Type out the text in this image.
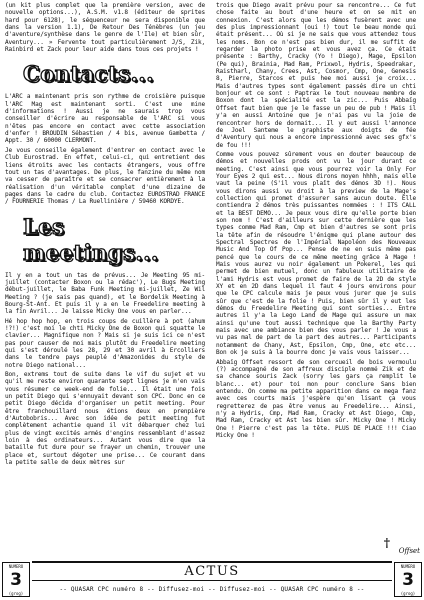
(un kit plus complet que la première version, avec de nouvelle options...), A.S.M. v1.8 (éditeur de sprites hard pour 6128), le séquenceur ne sera disponible que dans la version 1.1), De Retour Des Ténèbres (un jeu d'aventure/synthèse dans le genre de l'Ile) et bien sûr, Aventury... » Fervente tout particulièrement J/S, Zik, Rainbird et Zack pour leur aide dans tous ces projets !

Contacts...

L'ARC a maintenant pris son rythme de croisière puisque l'ARC Mag est maintenant sorti. C'est une mine d'informations ! Aussi je ne saurais trop vous conseiller d'écrire au responsable de l'ARC si vous n'êtes pas encore en contact avec cette association d'enfer ! BROUDIN Sébastien / 4 bis, avenue Gambetta / Appt. 30 / 60000 CLERMONT.

Je vous conseille également d'entrer en contact avec le Club Eurostrad. En effet, celui-ci, qui entretient des liens étroits avec les contacts étrangers, vous offre tout un tas d'avantages. De plus, le fanzine du même nom va cesser de paraître et se consacrer entièrement à la réalisation d'un véritable complet d'une dizaine de pages dans le cadre du club. Contactez EUROSTRAD FRANCE / FOURNERIE Thomas / La Ruellinière / 59460 KORDYE.

Les meetings...

Il y en a tout un tas de prévus... Je Meeting 95 mi-juillet (contacter Boxon ou la rédac'), Le Bugs Meeting début-juillet, le Baba Funk Meeting mi-juillet, Ze Wil Meeting ? (je sais pas quand), et le Bordelik Meeting à Bourg-St-Ant. Et puis il y a en le Freedelire meeting à la fin Avril... Je laisse Micky One vous en parler...

Hé hop hop hop, en trois coups de cuillère à pot (ahum !?!) c'est moi le chti Micky One de Boxon qui squatte le clavier... Magnifique non ? Mais si je suis ici ce n'est pas pour causer de moi mais plutôt du Freedelire meeting qui s'est déroulé les 28, 29 et 30 avril à Ercolliers dans le tendre pays peuplé d'Amazonides du style de notre Diego national...

Bon, extrems tout de suite dans le vif du sujet et vu qu'il me reste environ quarante sept lignes je m'en vais vous résumer ce week-end de folie... Il était une fois un petit Diego qui s'ennuyait devant son CPC. Donc en ce petit Diego décida d'organiser un petit meeting. Pour être franchouillard nous étions deux en prenpière d'Autobobris... Avec son idée de petit meeting fut complètement achantie quand il vit débarquer chez lui plus de vingt excités armés d'engins ressemblant d'assez loin à des ordinateurs... Autant vous dire que la bataille fut dure pour se frayer un chemin, trouver une place et, surtout dégoter une prise... Ce courant dans la petite salle de deux mètres sur

trois que Diego avait prévu pour sa rencontre... Ce fut chose faite au bout d'une heure et on se mit en connexion. C'est alors que les démos fusèrent avec une des plus impressionnant (oui !) tout le beau monde qui était présent... Où si je ne sais que vous attendez tous les noms. Bon ce n'est pas bien dur, il me suffit de regarder la photo prise et vous avez ça. Ce était présente : Barthy, Cracky (Yo ! Diego), Mage, Epsilon (Pe qui), Brainia, Mad Ram, Prixwol, Hydris, Speedrakar, Raistharl, Chany, Crees, Ast, Cosmor, Cmp, One, Genesis 8, Pierre, Starcos et puis hee moi aussi je croix... Mais d'autres types sont également passés dire un chti bonjour et ce sont : Paptrax le tout nouveau membre de Boxon dont la spécialité est la zic... Puis Abbaïg Offset faut bien que je le fasse un peu de pub ! Mais il y'a en aussi Antoine que je n'ai pas vu la joie de rencontrer hors de dormait... Il y eut aussi l'annonce de Joel Santeme le graphiste aux doigts de fée d'Aventury qui nous a encore impressionné avec ses gfx's de fou !!!

Comme vous pouvez sûrement vous en douter beaucoup de démos et nouvelles prods ont vu le jour durant ce meeting. C'est ainsi que vous pourrez voir la Only For Your Eyes 2 qui est... Nous dirons moyen hhhh, mais elle vaut la peine (S'il vous plaît des démos 3D !). Nous vous dirons aussi vu droit à la preview de la Mage's collection qui promet d'assurer sans aucun doute. Elle contiendra 2 démos très puissantes nommées : ! ITS CALL et la BEST DEMO... Je peux vous dire qu'elle porte bien son nom ! C'est d'ailleurs sur cette dernière que les types comme Mad Ram, Cmp et bien d'autres se sont pris la tête afin de résoudre l'énigme qui plane autour des Spectral Spectres de l'Impérial Napoléon des Nouveaux Music And Top Of Pop... Pense de ne en suis même pas pencé que le cours de ce même meeting grâce à Mage ! Mais vous aurez vu noir également un Pokerel, les qui permet de bien mutuel, donc un fabuleux utilitaire de l'ami Hydris est vous promet de faire de la 2D de style XY et en 2D dans lequel il faut 4 jours environs pour que le CPC calcule mais je peux vous jurer que je suis sûr que c'est de la folie ! Puis, bien sûr il y eut les démos du Freedelire Meeting qui sont sorties... Entre autres il y'a la Lego Land de Mage qui assure un max ainsi qu'une tout aussi technique que la Barthy Party mais avec une ambiance bien des vous parler ! Je vous a vu pas mal de part de la part des autres... Participants notamment de Chany, Ast, Epsilon, Cmp, One, etc etc... Bon ok je suis à la bourre donc je vais vous laisser...

Abbaïg Offset ressort de son cercueil de bois vermoulu (?) accompagné de son affreux disciple nommé Zik et de sa chance souris Zack (sorry les gars ça remplit le blanc... et) pour toi mon pour conclure Sans bien entendu. On comme ma petite apparition dans ce mega fanz avec ces courts mais j'espère qu'en lisant ça vous regretterez de pas être venus au Freedelire... Ainsi, n'y a Hydris, Cmp, Mad Ram, Cracky et Ast Diego, Cmp, Mad Ram, Cracky et Ast les bien sûr. Micky One ! Micky One ! Pierre c'est pas la tête. PLUS DE PLACE !!! Ciao Micky One !

†
Offset
NUMERO
3
(grog)
ACTUS
-- QUASAR CPC numéro 8 -- Diffusez-moi -- Diffusez-moi -- QUASAR CPC numéro 8 --
NUMERO
3
(grog)
